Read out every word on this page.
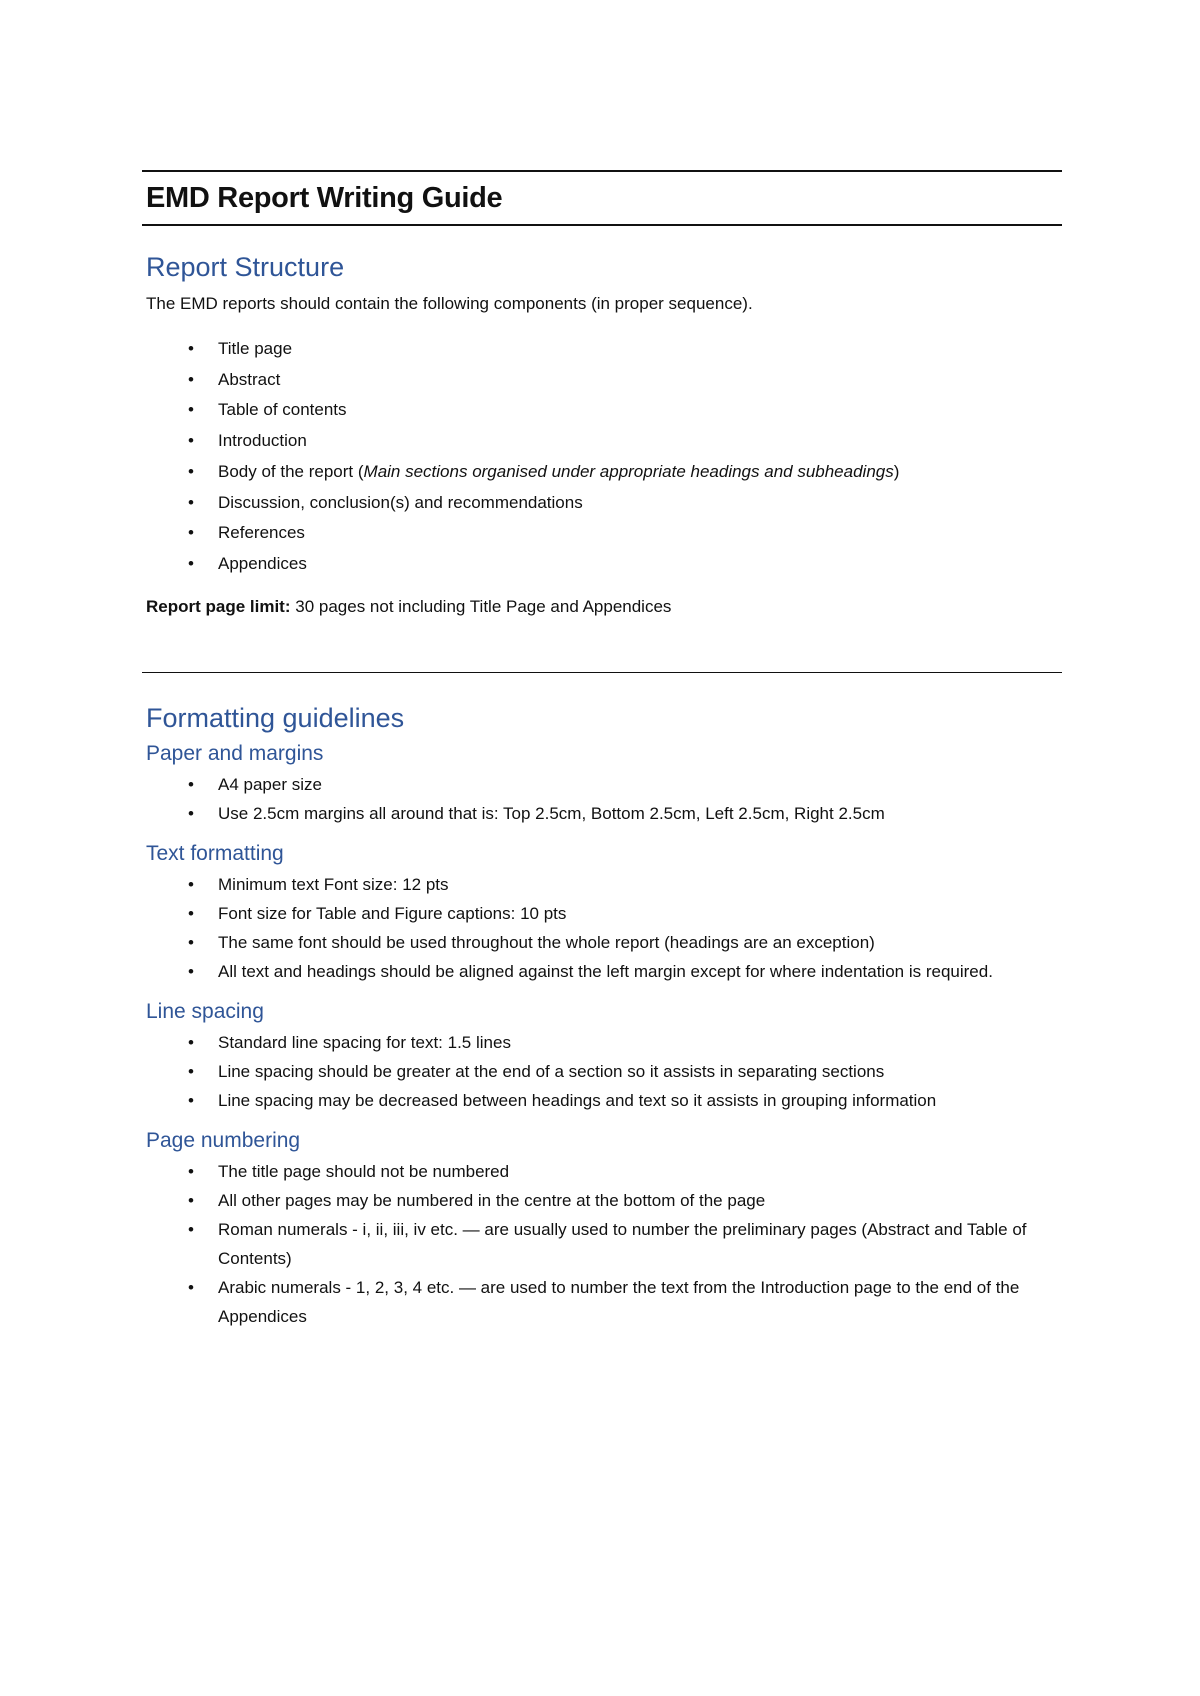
EMD Report Writing Guide
Report Structure

The EMD reports should contain the following components (in proper sequence).

• Title page
• Abstract
• Table of contents
• Introduction
• Body of the report (Main sections organised under appropriate headings and subheadings)
• Discussion, conclusion(s) and recommendations
• References
• Appendices

Report page limit: 30 pages not including Title Page and Appendices

Formatting guidelines
Paper and margins
• A4 paper size
• Use 2.5cm margins all around that is: Top 2.5cm, Bottom 2.5cm, Left 2.5cm, Right 2.5cm
Text formatting
• Minimum text Font size: 12 pts
• Font size for Table and Figure captions: 10 pts
• The same font should be used throughout the whole report (headings are an exception)
• All text and headings should be aligned against the left margin except for where indentation is required.
Line spacing
• Standard line spacing for text: 1.5 lines
• Line spacing should be greater at the end of a section so it assists in separating sections
• Line spacing may be decreased between headings and text so it assists in grouping information
Page numbering
• The title page should not be numbered
• All other pages may be numbered in the centre at the bottom of the page
• Roman numerals - i, ii, iii, iv etc. — are usually used to number the preliminary pages (Abstract and Table of Contents)
• Arabic numerals - 1, 2, 3, 4 etc. — are used to number the text from the Introduction page to the end of the Appendices
